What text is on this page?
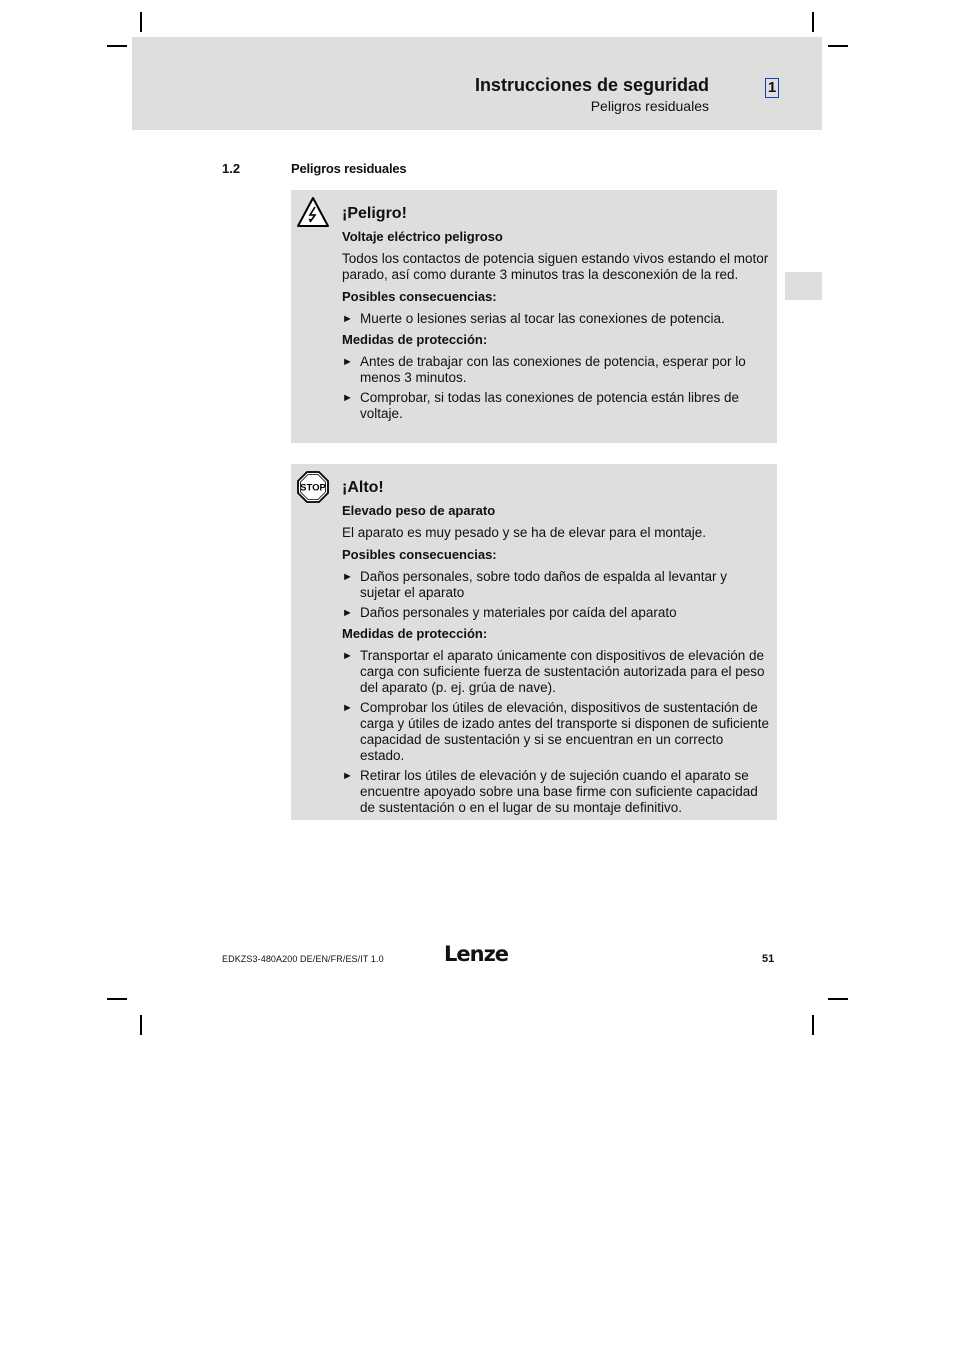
Instrucciones de seguridad
Peligros residuales
1
1.2	Peligros residuales
¡Peligro!
Voltaje eléctrico peligroso
Todos los contactos de potencia siguen estando vivos estando el motor parado, así como durante 3 minutos tras la desconexión de la red.
Posibles consecuencias:
► Muerte o lesiones serias al tocar las conexiones de potencia.
Medidas de protección:
► Antes de trabajar con las conexiones de potencia, esperar por lo menos 3 minutos.
► Comprobar, si todas las conexiones de potencia están libres de voltaje.
STOP ¡Alto!
Elevado peso de aparato
El aparato es muy pesado y se ha de elevar para el montaje.
Posibles consecuencias:
► Daños personales, sobre todo daños de espalda al levantar y sujetar el aparato
► Daños personales y materiales por caída del aparato
Medidas de protección:
► Transportar el aparato únicamente con dispositivos de elevación de carga con suficiente fuerza de sustentación autorizada para el peso del aparato (p. ej. grúa de nave).
► Comprobar los útiles de elevación, dispositivos de sustentación de carga y útiles de izado antes del transporte si disponen de suficiente capacidad de sustentación y si se encuentran en un correcto estado.
► Retirar los útiles de elevación y de sujeción cuando el aparato se encuentre apoyado sobre una base firme con suficiente capacidad de sustentación o en el lugar de su montaje definitivo.
EDKZS3-480A200 DE/EN/FR/ES/IT 1.0	Lenze	51
